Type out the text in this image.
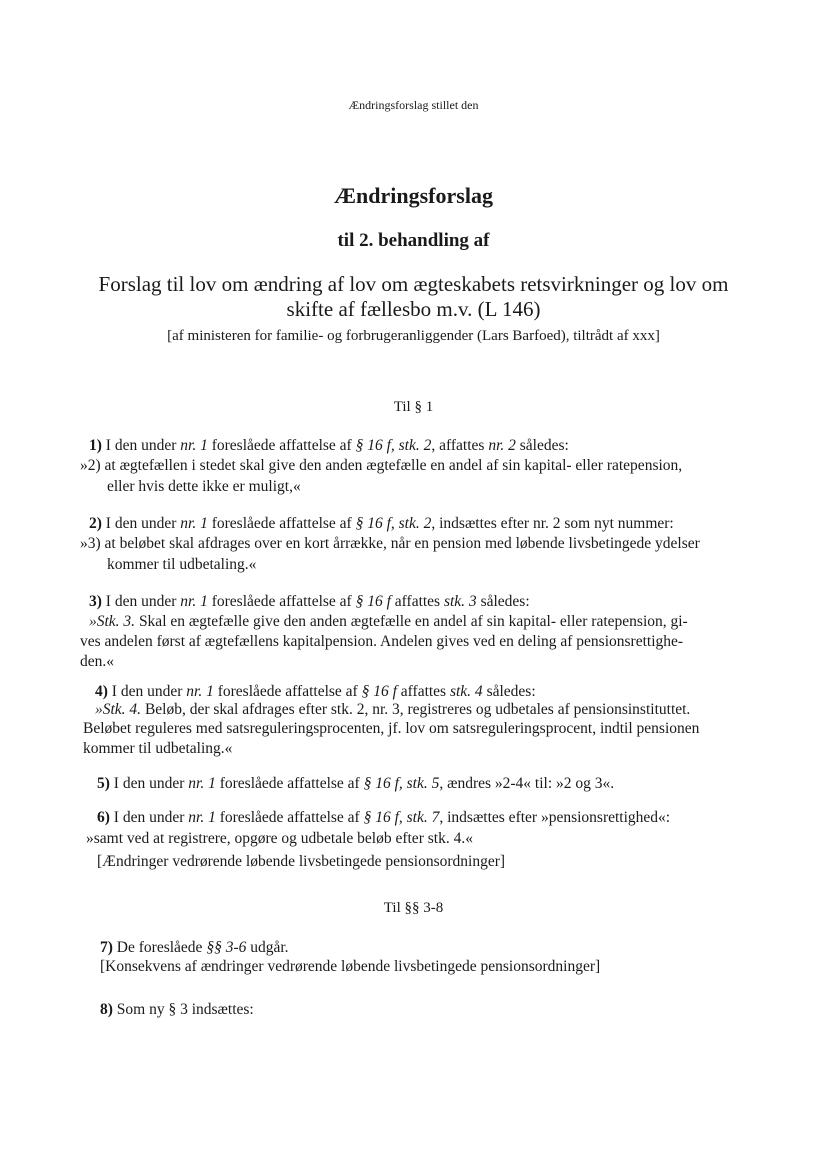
Ændringsforslag stillet den
Ændringsforslag
til 2. behandling af
Forslag til lov om ændring af lov om ægteskabets retsvirkninger og lov om
skifte af fællesbo m.v. (L 146)
[af ministeren for familie- og forbrugeranliggender (Lars Barfoed), tiltrådt af xxx]
Til § 1
1) I den under nr. 1 foreslåede affattelse af § 16 f, stk. 2, affattes nr. 2 således:
»2) at ægtefællen i stedet skal give den anden ægtefælle en andel af sin kapital- eller ratepension,
eller hvis dette ikke er muligt,«
2) I den under nr. 1 foreslåede affattelse af § 16 f, stk. 2, indsættes efter nr. 2 som nyt nummer:
»3) at beløbet skal afdrages over en kort årrække, når en pension med løbende livsbetingede ydelser
kommer til udbetaling.«
3) I den under nr. 1 foreslåede affattelse af § 16 f affattes stk. 3 således:
»Stk. 3. Skal en ægtefælle give den anden ægtefælle en andel af sin kapital- eller ratepension, gi-
ves andelen først af ægtefællens kapitalpension. Andelen gives ved en deling af pensionsrettighe-
den.«
4) I den under nr. 1 foreslåede affattelse af § 16 f affattes stk. 4 således:
»Stk. 4. Beløb, der skal afdrages efter stk. 2, nr. 3, registreres og udbetales af pensionsinstituttet.
Beløbet reguleres med satsreguleringsprocenten, jf. lov om satsreguleringsprocent, indtil pensionen
kommer til udbetaling.«
5) I den under nr. 1 foreslåede affattelse af § 16 f, stk. 5, ændres »2-4« til: »2 og 3«.
6) I den under nr. 1 foreslåede affattelse af § 16 f, stk. 7, indsættes efter »pensionsrettighed«:
»samt ved at registrere, opgøre og udbetale beløb efter stk. 4.«
[Ændringer vedrørende løbende livsbetingede pensionsordninger]
Til §§ 3-8
7) De foreslåede §§ 3-6 udgår.
[Konsekvens af ændringer vedrørende løbende livsbetingede pensionsordninger]
8) Som ny § 3 indsættes:
